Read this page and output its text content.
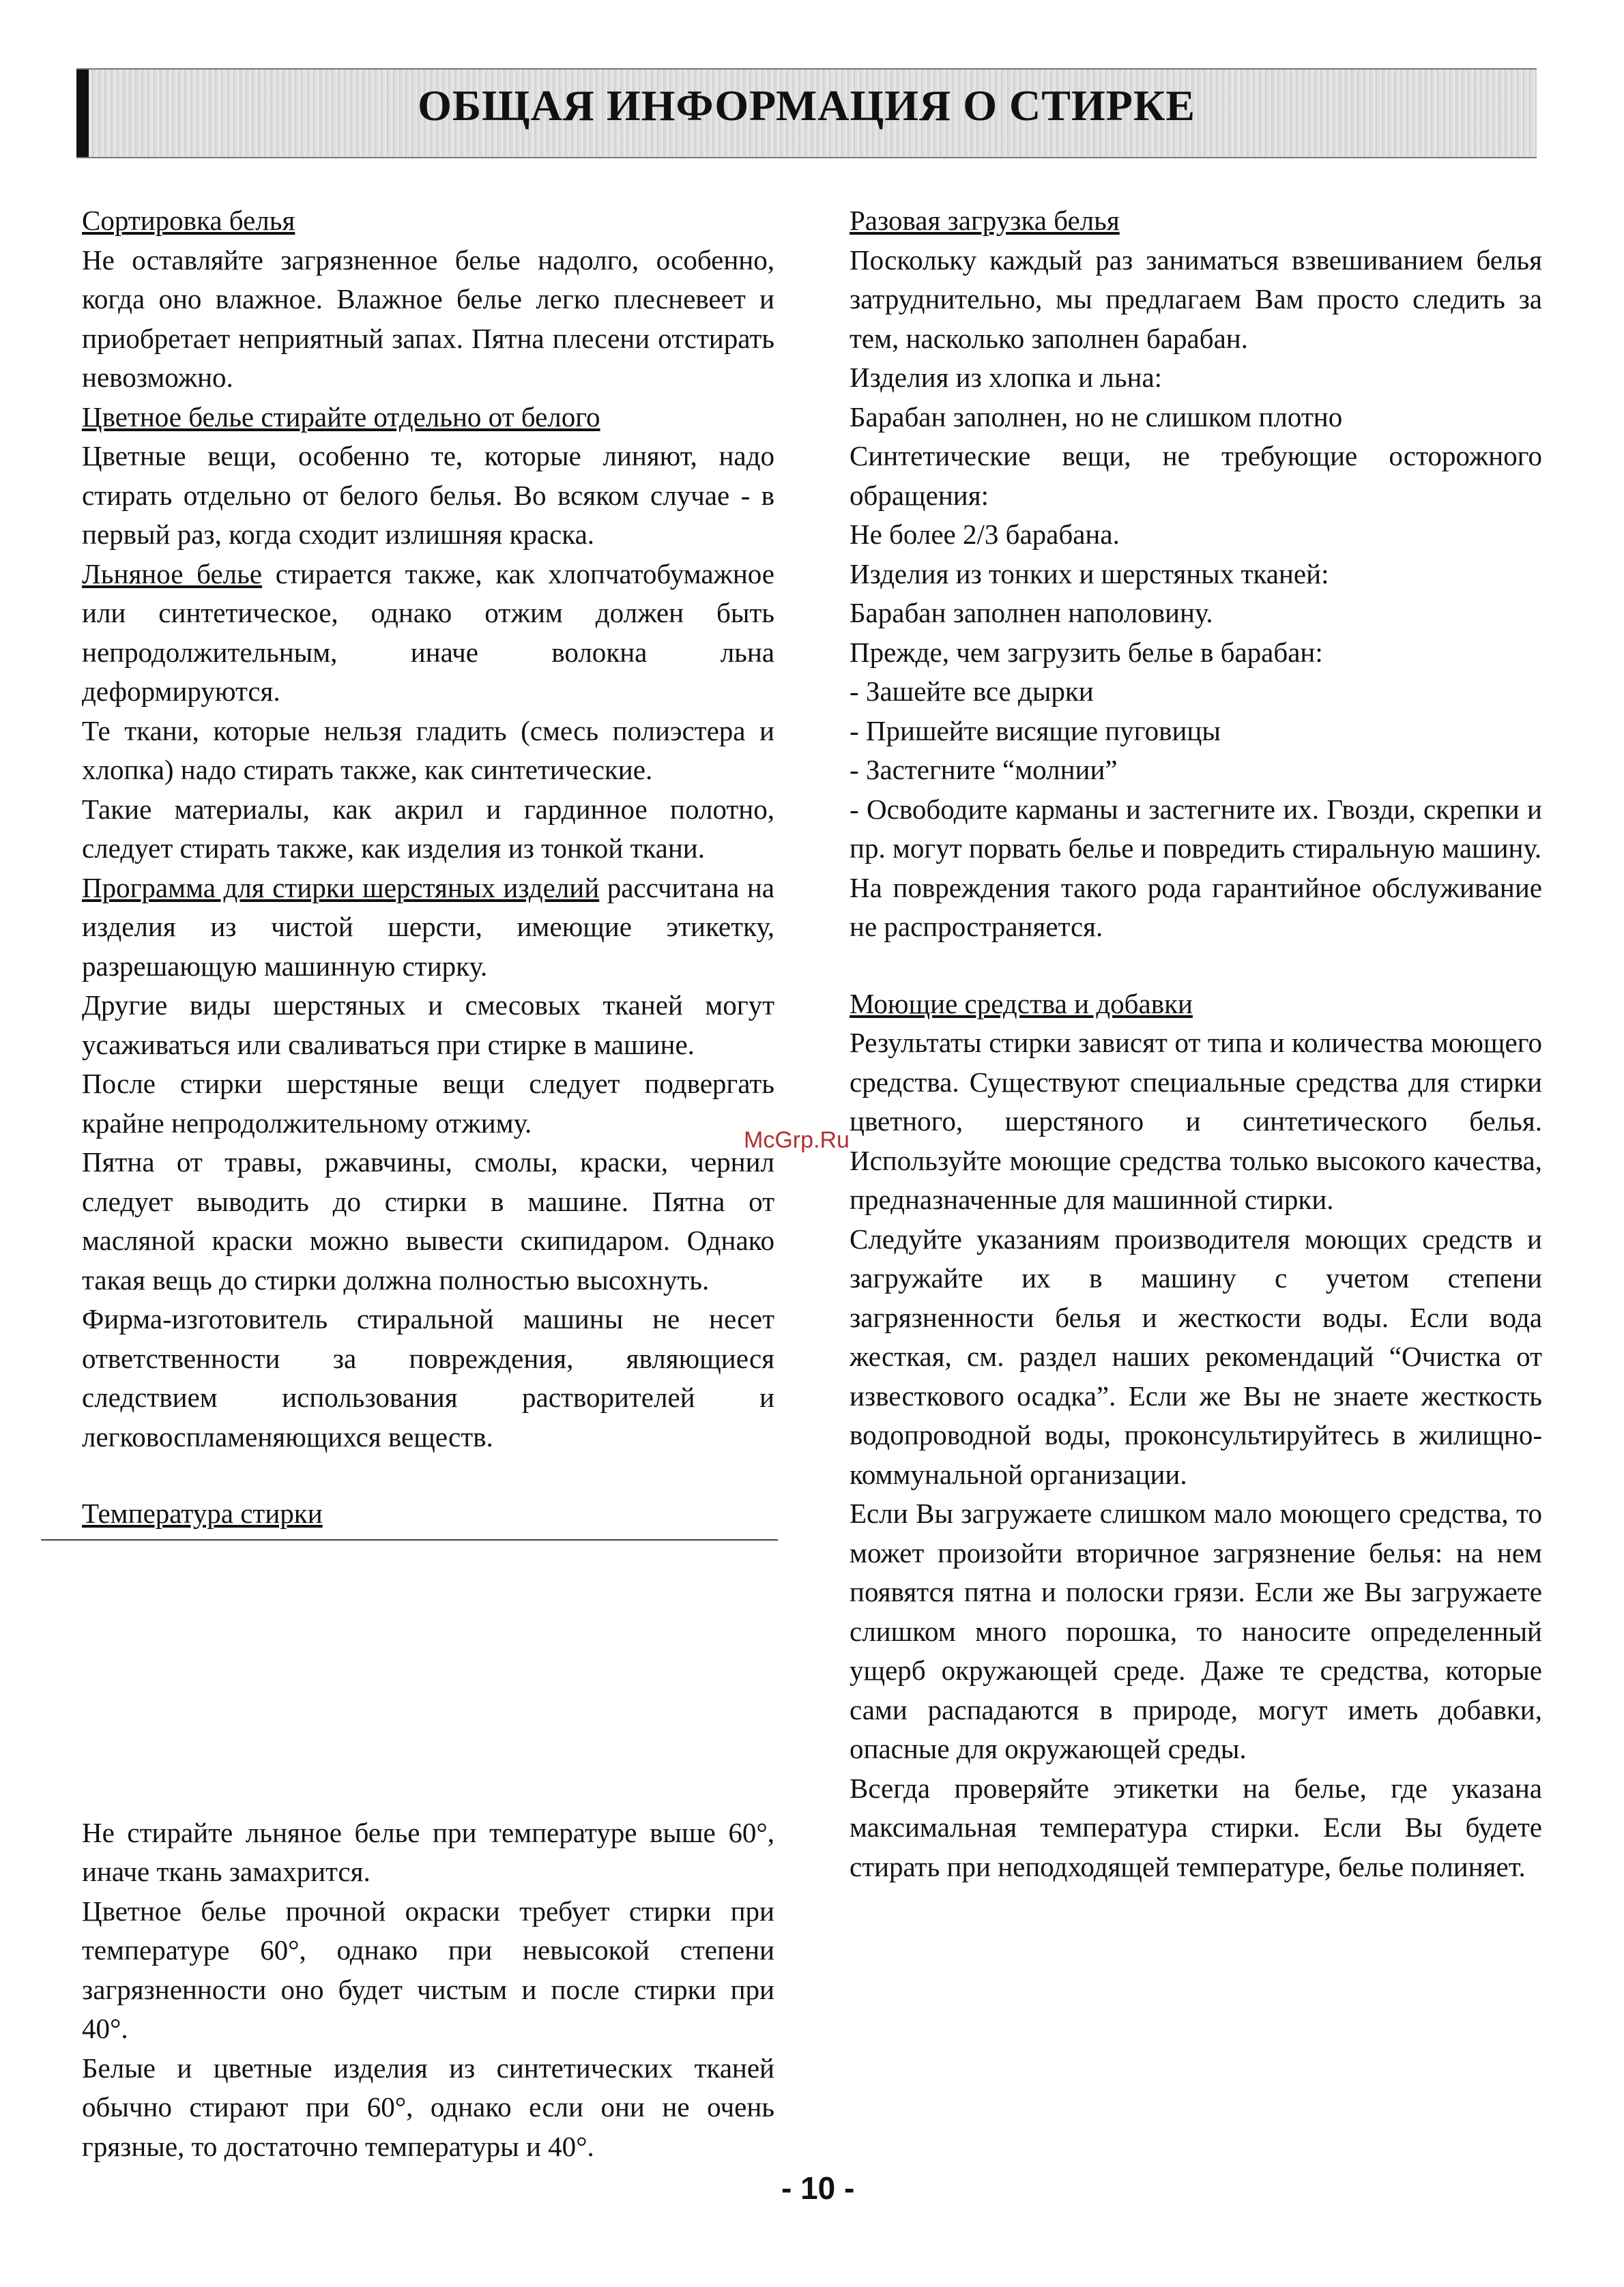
ОБЩАЯ ИНФОРМАЦИЯ О СТИРКЕ

Сортировка белья

Не оставляйте загрязненное белье надолго, особенно, когда оно влажное. Влажное белье легко плесневеет и приобретает неприятный запах. Пятна плесени отстирать невозможно.

Цветное белье стирайте отдельно от белого

Цветные вещи, особенно те, которые линяют, надо стирать отдельно от белого белья. Во всяком случае - в первый раз, когда сходит излишняя краска.

Льняное белье стирается также, как хлопчатобумажное или синтетическое, однако отжим должен быть непродолжительным, иначе волокна льна деформируются.

Те ткани, которые нельзя гладить (смесь полиэстера и хлопка) надо стирать также, как синтетические.

Такие материалы, как акрил и гардинное полотно, следует стирать также, как изделия из тонкой ткани.

Программа для стирки шерстяных изделий рассчитана на изделия из чистой шерсти, имеющие этикетку, разрешающую машинную стирку.

Другие виды шерстяных и смесовых тканей могут усаживаться или сваливаться при стирке в машине.

После стирки шерстяные вещи следует подвергать крайне непродолжительному отжиму.

Пятна от травы, ржавчины, смолы, краски, чернил следует выводить до стирки в машине. Пятна от масляной краски можно вывести скипидаром. Однако такая вещь до стирки должна полностью высохнуть.

Фирма-изготовитель стиральной машины не несет ответственности за повреждения, являющиеся следствием использования растворителей и легковоспламеняющихся веществ.

Температура стирки

Не стирайте льняное белье при температуре выше 60°, иначе ткань замахрится.

Цветное белье прочной окраски требует стирки при температуре 60°, однако при невысокой степени загрязненности оно будет чистым и после стирки при 40°.

Белые и цветные изделия из синтетических тканей обычно стирают при 60°, однако если они не очень грязные, то достаточно температуры и 40°.

Разовая загрузка белья

Поскольку каждый раз заниматься взвешиванием белья затруднительно, мы предлагаем Вам просто следить за тем, насколько заполнен барабан.

Изделия из хлопка и льна:

Барабан заполнен, но не слишком плотно

Синтетические вещи, не требующие осторожного обращения:

Не более 2/3 барабана.

Изделия из тонких и шерстяных тканей:

Барабан заполнен наполовину.

Прежде, чем загрузить белье в барабан:

- Зашейте все дырки

- Пришейте висящие пуговицы

- Застегните “молнии”

- Освободите карманы и застегните их. Гвозди, скрепки и пр. могут порвать белье и повредить стиральную машину.

На повреждения такого рода гарантийное обслуживание не распространяется.

Моющие средства и добавки

Результаты стирки зависят от типа и количества моющего средства. Существуют специальные средства для стирки цветного, шерстяного и синтетического белья. Используйте моющие средства только высокого качества, предназначенные для машинной стирки.

Следуйте указаниям производителя моющих средств и загружайте их в машину с учетом степени загрязненности белья и жесткости воды. Если вода жесткая, см. раздел наших рекомендаций “Очистка от известкового осадка”. Если же Вы не знаете жесткость водопроводной воды, проконсультируйтесь в жилищно-коммунальной организации.

Если Вы загружаете слишком мало моющего средства, то может произойти вторичное загрязнение белья: на нем появятся пятна и полоски грязи. Если же Вы загружаете слишком много порошка, то наносите определенный ущерб окружающей среде. Даже те средства, которые сами распадаются в природе, могут иметь добавки, опасные для окружающей среды.

Всегда проверяйте этикетки на белье, где указана максимальная температура стирки. Если Вы будете стирать при неподходящей температуре, белье полиняет.

McGrp.Ru
- 10 -
